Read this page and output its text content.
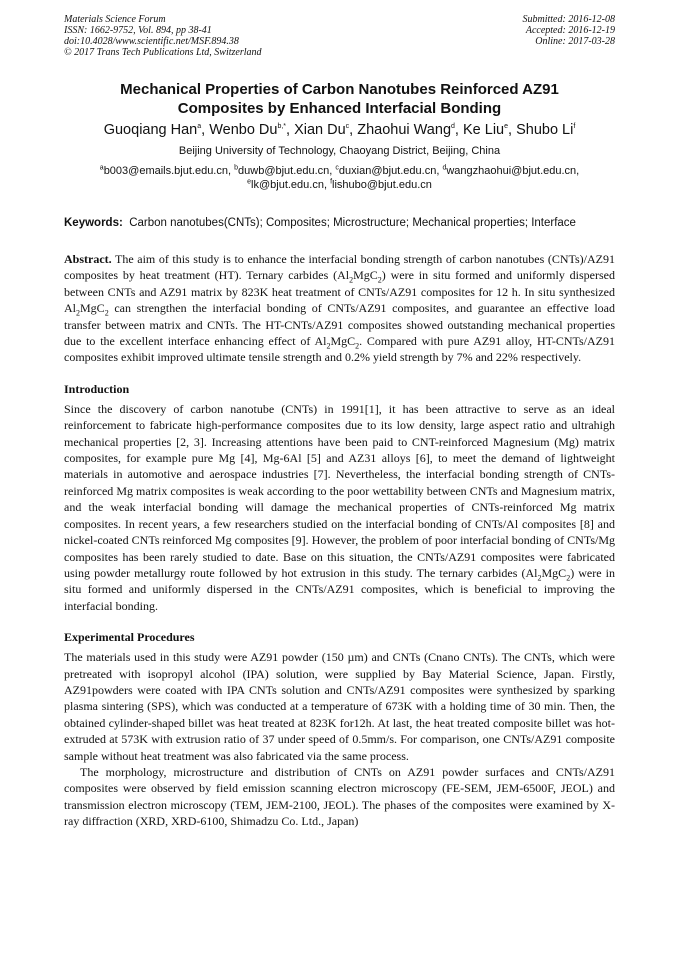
Materials Science Forum
ISSN: 1662-9752, Vol. 894, pp 38-41
doi:10.4028/www.scientific.net/MSF.894.38
© 2017 Trans Tech Publications Ltd, Switzerland
Submitted: 2016-12-08
Accepted: 2016-12-19
Online: 2017-03-28
Mechanical Properties of Carbon Nanotubes Reinforced AZ91
Composites by Enhanced Interfacial Bonding
Guoqiang Han$^a$, Wenbo $Du^{b,*}$, Xian Du$^c$, Zhaohui Wang$^d$, Ke Liu$^e$, Shubo Li$^f$
Beijing University of Technology, Chaoyang District, Beijing, China
$^a$b003@emails.bjut.edu.cn, $^b$duwb@bjut.edu.cn, $^c$duxian@bjut.edu.cn, $^d$wangzhaohui@bjut.edu.cn,
$^e$lk@bjut.edu.cn, $^f$lishubo@bjut.edu.cn
Keywords: Carbon nanotubes(CNTs); Composites; Microstructure; Mechanical properties; Interface

Abstract. The aim of this study is to enhance the interfacial bonding strength of carbon nanotubes (CNTs)/AZ91 composites by heat treatment (HT). Ternary carbides $(Al_2MgC_2)$ were in situ formed and uniformly dispersed between CNTs and AZ91 matrix by 823K heat treatment of CNTs/AZ91 composites for 12 h. In situ synthesized $Al_2MgC_2$ can strengthen the interfacial bonding of CNTs/AZ91 composites, and guarantee an effective load transfer between matrix and CNTs. The HT-CNTs/AZ91 composites showed outstanding mechanical properties due to the excellent interface enhancing effect of $Al_2MgC_2$. Compared with pure AZ91 alloy, HT-CNTs/AZ91 composites exhibit improved ultimate tensile strength and 0.2% yield strength by 7% and 22% respectively.

Introduction

Since the discovery of carbon nanotube (CNTs) in 1991[1], it has been attractive to serve as an ideal reinforcement to fabricate high-performance composites due to its low density, large aspect ratio and ultrahigh mechanical properties [2, 3]. Increasing attentions have been paid to CNT-reinforced Magnesium (Mg) matrix composites, for example pure Mg [4], Mg-6Al [5] and AZ31 alloys [6], to meet the demand of lightweight materials in automotive and aerospace industries [7]. Nevertheless, the interfacial bonding strength of CNTs-reinforced Mg matrix composites is weak according to the poor wettability between CNTs and Magnesium matrix, and the weak interfacial bonding will damage the mechanical properties of CNTs-reinforced Mg matrix composites. In recent years, a few researchers studied on the interfacial bonding of CNTs/Al composites [8] and nickel-coated CNTs reinforced Mg composites [9]. However, the problem of poor interfacial bonding of CNTs/Mg composites has been rarely studied to date. Base on this situation, the CNTs/AZ91 composites were fabricated using powder metallurgy route followed by hot extrusion in this study. The ternary carbides $(Al_2MgC_2)$ were in situ formed and uniformly dispersed in the CNTs/AZ91 composites, which is beneficial to improving the interfacial bonding.

Experimental Procedures

The materials used in this study were AZ91 powder (150 µm) and CNTs (Cnano CNTs). The CNTs, which were pretreated with isopropyl alcohol (IPA) solution, were supplied by Bay Material Science, Japan. Firstly, AZ91powders were coated with IPA CNTs solution and CNTs/AZ91 composites were synthesized by sparking plasma sintering (SPS), which was conducted at a temperature of 673K with a holding time of 30 min. Then, the obtained cylinder-shaped billet was heat treated at 823K for12h. At last, the heat treated composite billet was hot-extruded at 573K with extrusion ratio of 37 under speed of 0.5mm/s. For comparison, one CNTs/AZ91 composite sample without heat treatment was also fabricated via the same process.

The morphology, microstructure and distribution of CNTs on AZ91 powder surfaces and CNTs/AZ91 composites were observed by field emission scanning electron microscopy (FE-SEM, JEM-6500F, JEOL) and transmission electron microscopy (TEM, JEM-2100, JEOL). The phases of the composites were examined by X-ray diffraction (XRD, XRD-6100, Shimadzu Co. Ltd., Japan)
